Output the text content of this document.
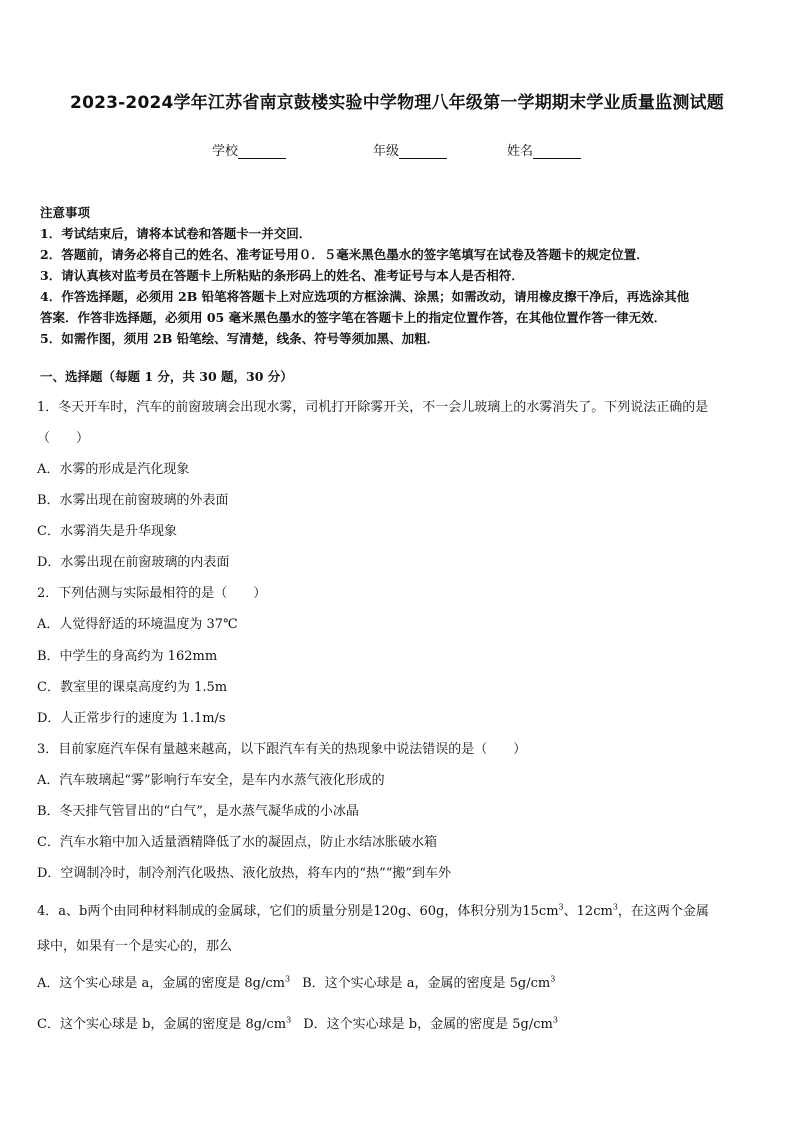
2023-2024学年江苏省南京鼓楼实验中学物理八年级第一学期期末学业质量监测试题
学校	年级	姓名
注意事项
1．考试结束后，请将本试卷和答题卡一并交回．
2．答题前，请务必将自己的姓名、准考证号用０．５毫米黑色墨水的签字笔填写在试卷及答题卡的规定位置．
3．请认真核对监考员在答题卡上所粘贴的条形码上的姓名、准考证号与本人是否相符．
4．作答选择题，必须用 2B 铅笔将答题卡上对应选项的方框涂满、涂黑；如需改动，请用橡皮擦干净后，再选涂其他
答案．作答非选择题，必须用 05 毫米黑色墨水的签字笔在答题卡上的指定位置作答，在其他位置作答一律无效．
5．如需作图，须用 2B 铅笔绘、写清楚，线条、符号等须加黑、加粗．
一、选择题（每题 1 分，共 30 题，30 分）
1．冬天开车时，汽车的前窗玻璃会出现水雾，司机打开除雾开关，不一会儿玻璃上的水雾消失了。下列说法正确的是
（　　）
A．水雾的形成是汽化现象
B．水雾出现在前窗玻璃的外表面
C．水雾消失是升华现象
D．水雾出现在前窗玻璃的内表面
2．下列估测与实际最相符的是（　　）
A．人觉得舒适的环境温度为 37℃
B．中学生的身高约为 162mm
C．教室里的课桌高度约为 1.5m
D．人正常步行的速度为 1.1m/s
3．目前家庭汽车保有量越来越高，以下跟汽车有关的热现象中说法错误的是（　　）
A．汽车玻璃起“雾”影响行车安全，是车内水蒸气液化形成的
B．冬天排气管冒出的“白气”，是水蒸气凝华成的小冰晶
C．汽车水箱中加入适量酒精降低了水的凝固点，防止水结冰胀破水箱
D．空调制冷时，制冷剂汽化吸热、液化放热，将车内的“热”“搬”到车外
4．a、b两个由同种材料制成的金属球，它们的质量分别是120g、60g，体积分别为$15cm^3$、$12cm^3$，在这两个金属
球中，如果有一个是实心的，那么
A．这个实心球是 a，金属的密度是 $8g/cm^3$ B．这个实心球是 a，金属的密度是 $5g/cm^3$
C．这个实心球是 b，金属的密度是 $8g/cm^3$ D．这个实心球是 b，金属的密度是 $5g/cm^3$
